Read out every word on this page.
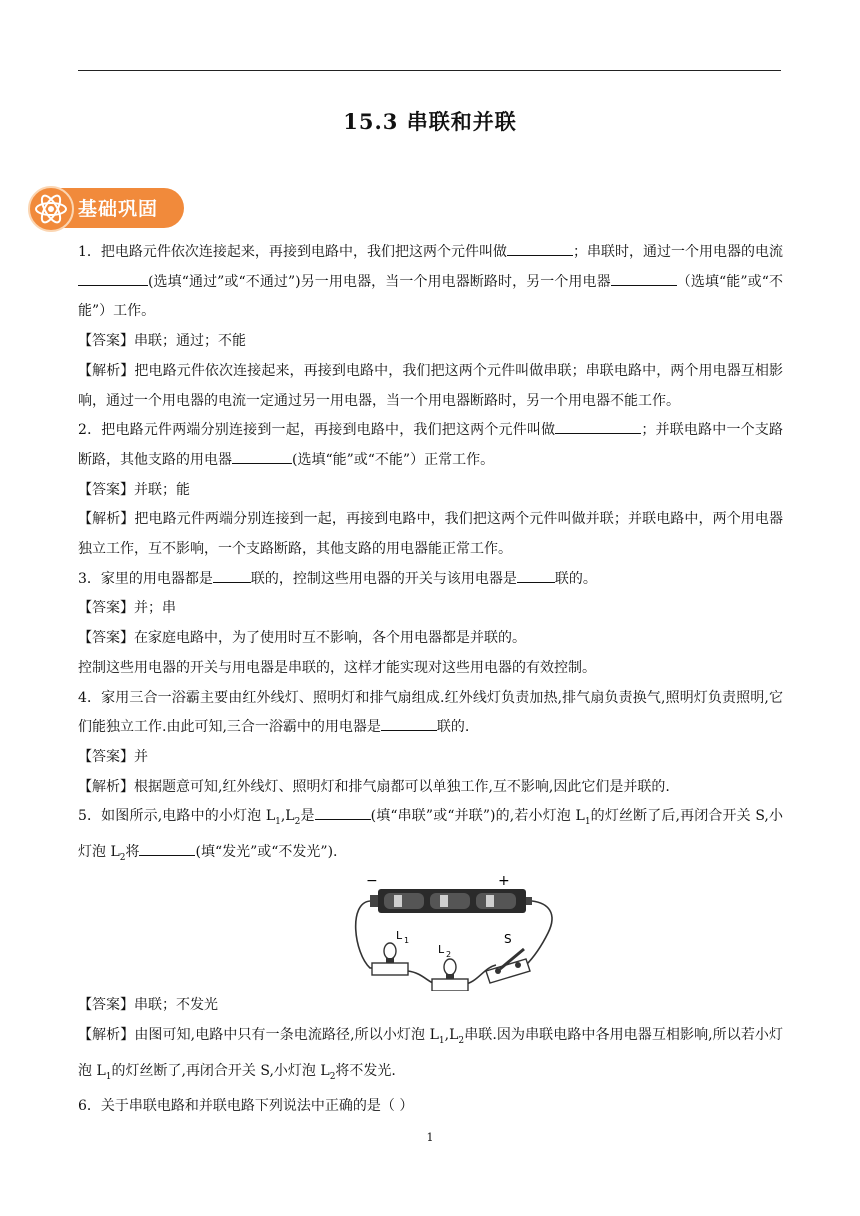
15.3 串联和并联
基础巩固

1．把电路元件依次连接起来，再接到电路中，我们把这两个元件叫做	；串联时，通过一个用电器的电流(选填“通过”或“不通过”)另一用电器，当一个用电器断路时，另一个用电器	（选填“能”或“不能”）工作。

【答案】串联；通过；不能

【解析】把电路元件依次连接起来，再接到电路中，我们把这两个元件叫做串联；串联电路中，两个用电器互相影响，通过一个用电器的电流一定通过另一用电器，当一个用电器断路时，另一个用电器不能工作。

2．把电路元件两端分别连接到一起，再接到电路中，我们把这两个元件叫做	；并联电路中一个支路断路，其他支路的用电器	(选填“能”或“不能”）正常工作。

【答案】并联；能

【解析】把电路元件两端分别连接到一起，再接到电路中，我们把这两个元件叫做并联；并联电路中，两个用电器独立工作，互不影响，一个支路断路，其他支路的用电器能正常工作。

3．家里的用电器都是	联的，控制这些用电器的开关与该用电器是	联的。

【答案】并；串

【答案】在家庭电路中，为了使用时互不影响，各个用电器都是并联的。

控制这些用电器的开关与用电器是串联的，这样才能实现对这些用电器的有效控制。

4．家用三合一浴霸主要由红外线灯、照明灯和排气扇组成.红外线灯负责加热,排气扇负责换气,照明灯负责照明,它们能独立工作.由此可知,三合一浴霸中的用电器是	联的.

【答案】并

【解析】根据题意可知,红外线灯、照明灯和排气扇都可以单独工作,互不影响,因此它们是并联的.

5．如图所示,电路中的小灯泡 $L_1,L_2$是	(填“串联”或“并联”)的,若小灯泡 $L_1$的灯丝断了后,再闭合开关 S,小灯泡 $L_2$将	(填“发光”或“不发光”).

L 1
L 2
S
−	+

【答案】串联；不发光

【解析】由图可知,电路中只有一条电流路径,所以小灯泡 $L_1,L_2$串联.因为串联电路中各用电器互相影响,所以若小灯泡 $L_1$的灯丝断了,再闭合开关 S,小灯泡 $L_2$将不发光.

6．关于串联电路和并联电路下列说法中正确的是（ ）

1
